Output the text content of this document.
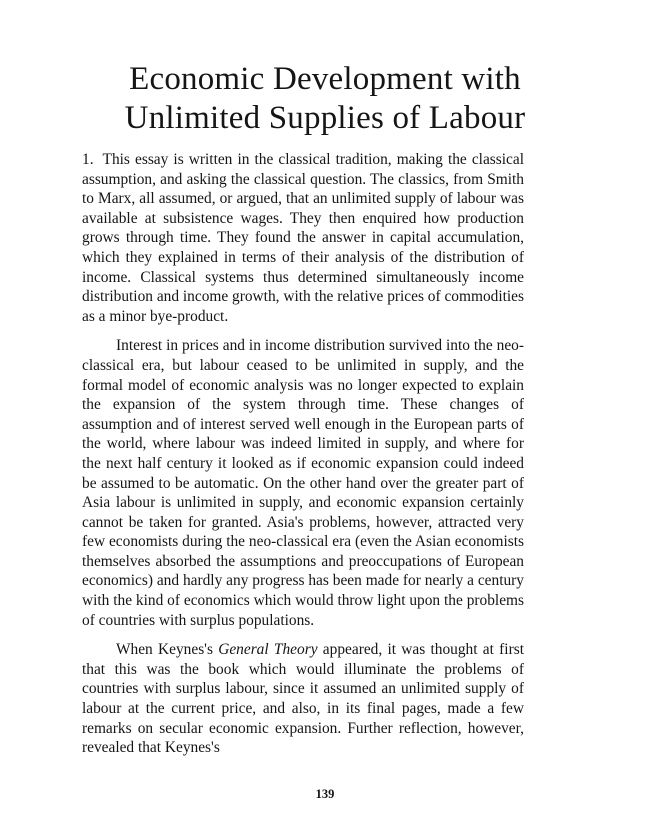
Economic Development with
Unlimited Supplies of Labour

1. This essay is written in the classical tradition, making the classical assumption, and asking the classical question. The classics, from Smith to Marx, all assumed, or argued, that an unlimited supply of labour was available at subsistence wages. They then enquired how production grows through time. They found the answer in capital accumulation, which they explained in terms of their analysis of the distribution of income. Classical systems thus determined simultaneously income distribution and income growth, with the relative prices of commodities as a minor bye-product.

Interest in prices and in income distribution survived into the neo-classical era, but labour ceased to be unlimited in supply, and the formal model of economic analysis was no longer expected to explain the expansion of the system through time. These changes of assumption and of interest served well enough in the European parts of the world, where labour was indeed limited in supply, and where for the next half century it looked as if economic expansion could indeed be assumed to be automatic. On the other hand over the greater part of Asia labour is unlimited in supply, and economic expansion certainly cannot be taken for granted. Asia's problems, however, attracted very few economists during the neo-classical era (even the Asian economists themselves absorbed the assumptions and preoccupations of European economics) and hardly any progress has been made for nearly a century with the kind of economics which would throw light upon the problems of countries with surplus populations.

When Keynes's General Theory appeared, it was thought at first that this was the book which would illuminate the problems of countries with surplus labour, since it assumed an unlimited supply of labour at the current price, and also, in its final pages, made a few remarks on secular economic expansion. Further reflection, however, revealed that Keynes's

139
